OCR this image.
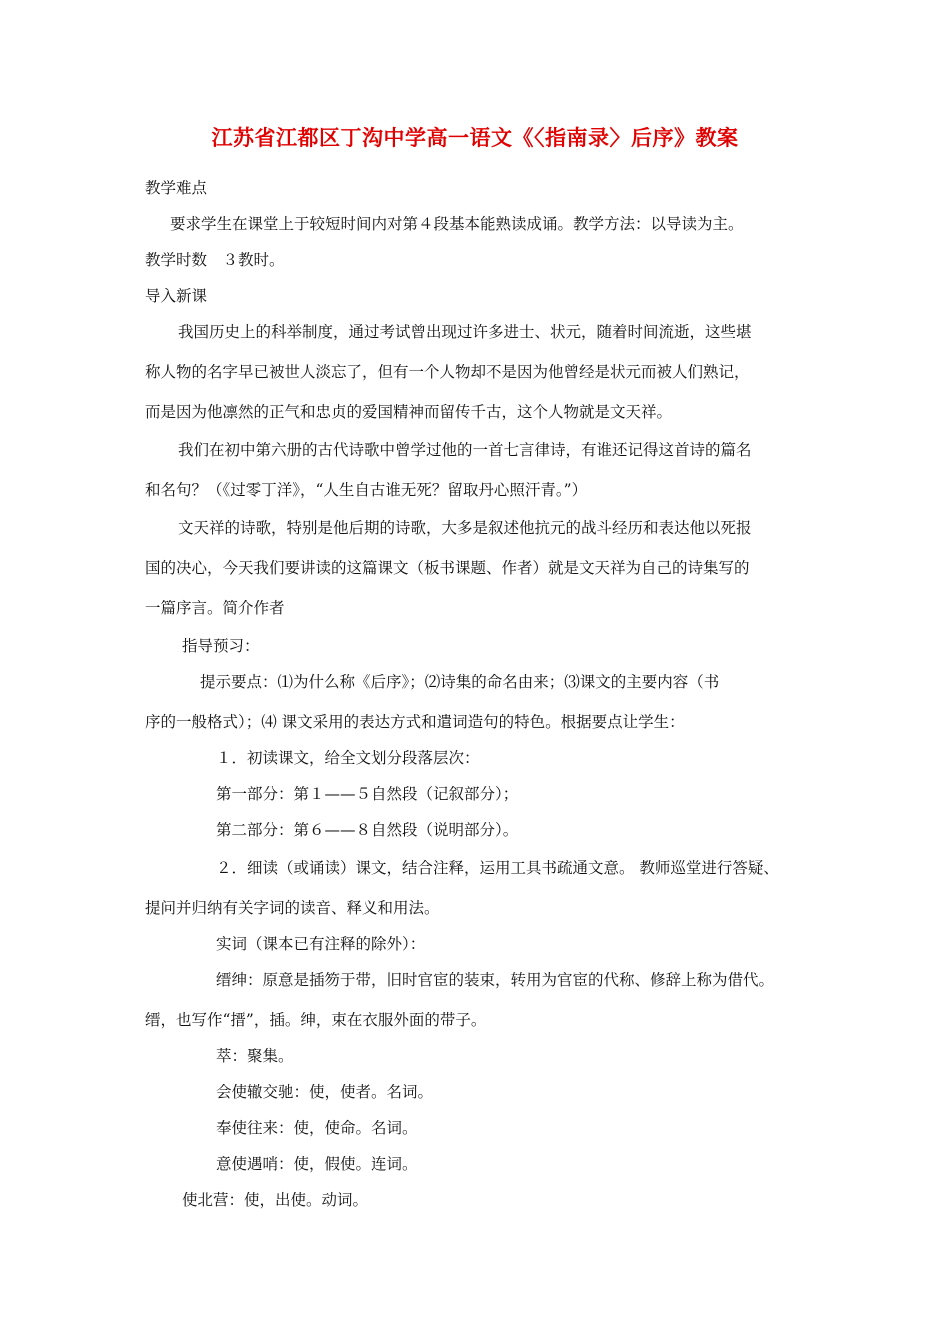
江苏省江都区丁沟中学高一语文《〈指南录〉后序》教案
教学难点
要求学生在课堂上于较短时间内对第４段基本能熟读成诵。教学方法：以导读为主。
教学时数　３教时。
导入新课
我国历史上的科举制度，通过考试曾出现过许多进士、状元，随着时间流逝，这些堪
称人物的名字早已被世人淡忘了，但有一个人物却不是因为他曾经是状元而被人们熟记，
而是因为他凛然的正气和忠贞的爱国精神而留传千古，这个人物就是文天祥。
我们在初中第六册的古代诗歌中曾学过他的一首七言律诗，有谁还记得这首诗的篇名
和名句？（《过零丁洋》，“人生自古谁无死？留取丹心照汗青。”）
文天祥的诗歌，特别是他后期的诗歌，大多是叙述他抗元的战斗经历和表达他以死报
国的决心，今天我们要讲读的这篇课文（板书课题、作者）就是文天祥为自己的诗集写的
一篇序言。简介作者
指导预习：
提示要点：⑴为什么称《后序》；⑵诗集的命名由来；⑶课文的主要内容（书
序的一般格式）；⑷ 课文采用的表达方式和遣词造句的特色。根据要点让学生：
１．初读课文，给全文划分段落层次：
第一部分：第１——５自然段（记叙部分）；
第二部分：第６——８自然段（说明部分）。
２．细读（或诵读）课文，结合注释，运用工具书疏通文意。 教师巡堂进行答疑、
提问并归纳有关字词的读音、释义和用法。
实词（课本已有注释的除外）：
缙绅：原意是插笏于带，旧时官宦的装束，转用为官宦的代称、修辞上称为借代。
缙，也写作“搢”，插。绅，束在衣服外面的带子。
萃：聚集。
会使辙交驰：使，使者。名词。
奉使往来：使，使命。名词。
意使遇哨：使，假使。连词。
使北营：使，出使。动词。
